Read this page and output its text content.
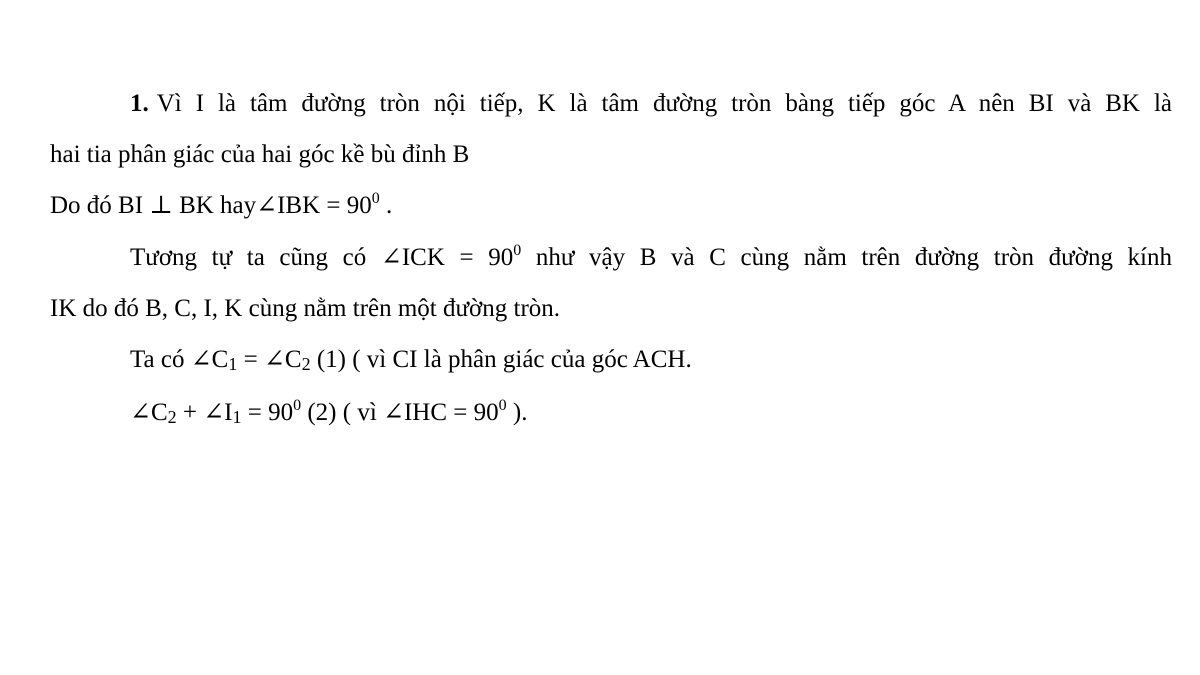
1. Vì I là tâm đường tròn nội tiếp, K là tâm đường tròn bàng tiếp góc A nên BI và BK là
hai tia phân giác của hai góc kề bù đỉnh B
Do đó BI ⊥ BK hay∠IBK = $90^0$ .
Tương tự ta cũng có ∠ICK = $90^0$ như vậy B và C cùng nằm trên đường tròn đường kính
IK do đó B, C, I, K cùng nằm trên một đường tròn.
Ta có $\angle C_1$ = $\angle C_2$ (1) ( vì CI là phân giác của góc ACH.
$\angle C_2$ + $\angle I_1 = 90^0$ (2) ( vì ∠IHC = $90^0$ ).
